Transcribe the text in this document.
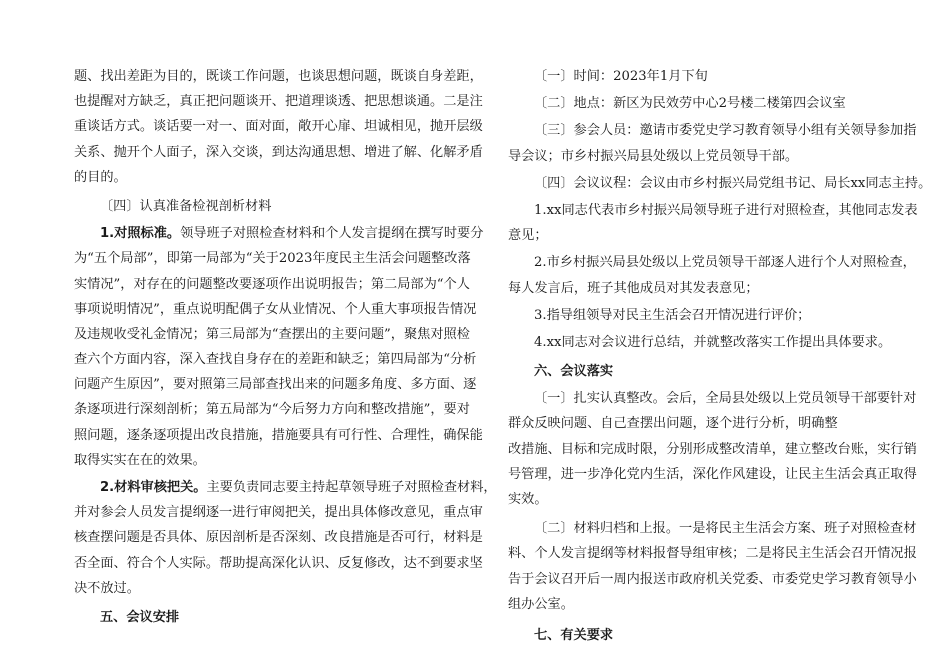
题、找出差距为目的，既谈工作问题，也谈思想问题，既谈自身差距，
也提醒对方缺乏，真正把问题谈开、把道理谈透、把思想谈通。二是注
重谈话方式。谈话要一对一、面对面，敞开心扉、坦诚相见，抛开层级
关系、抛开个人面子，深入交谈，到达沟通思想、增进了解、化解矛盾
的目的。
〔四〕认真准备检视剖析材料
1.对照标准。领导班子对照检查材料和个人发言提纲在撰写时要分
为“五个局部”，即第一局部为“关于2023年度民主生活会问题整改落
实情况”，对存在的问题整改要逐项作出说明报告；第二局部为“个人
事项说明情况”，重点说明配偶子女从业情况、个人重大事项报告情况
及违规收受礼金情况；第三局部为“查摆出的主要问题”，聚焦对照检
查六个方面内容，深入查找自身存在的差距和缺乏；第四局部为“分析
问题产生原因”，要对照第三局部查找出来的问题多角度、多方面、逐
条逐项进行深刻剖析；第五局部为“今后努力方向和整改措施”，要对
照问题，逐条逐项提出改良措施，措施要具有可行性、合理性，确保能
取得实实在在的效果。
2.材料审核把关。主要负责同志要主持起草领导班子对照检查材料，
并对参会人员发言提纲逐一进行审阅把关，提出具体修改意见，重点审
核查摆问题是否具体、原因剖析是否深刻、改良措施是否可行，材料是
否全面、符合个人实际。帮助提高深化认识、反复修改，达不到要求坚
决不放过。
五、会议安排
〔一〕时间：2023年1月下旬
〔二〕地点：新区为民效劳中心2号楼二楼第四会议室
〔三〕参会人员：邀请市委党史学习教育领导小组有关领导参加指
导会议；市乡村振兴局县处级以上党员领导干部。
〔四〕会议议程：会议由市乡村振兴局党组书记、局长xx同志主持。
1.xx同志代表市乡村振兴局领导班子进行对照检查，其他同志发表
意见；
2.市乡村振兴局县处级以上党员领导干部逐人进行个人对照检查，
每人发言后，班子其他成员对其发表意见；
3.指导组领导对民主生活会召开情况进行评价；
4.xx同志对会议进行总结，并就整改落实工作提出具体要求。
六、会议落实
〔一〕扎实认真整改。会后，全局县处级以上党员领导干部要针对
群众反映问题、自己查摆出问题，逐个进行分析，明确整
改措施、目标和完成时限，分别形成整改清单，建立整改台账，实行销
号管理，进一步净化党内生活，深化作风建设，让民主生活会真正取得
实效。
〔二〕材料归档和上报。一是将民主生活会方案、班子对照检查材
料、个人发言提纲等材料报督导组审核；二是将民主生活会召开情况报
告于会议召开后一周内报送市政府机关党委、市委党史学习教育领导小
组办公室。
七、有关要求
